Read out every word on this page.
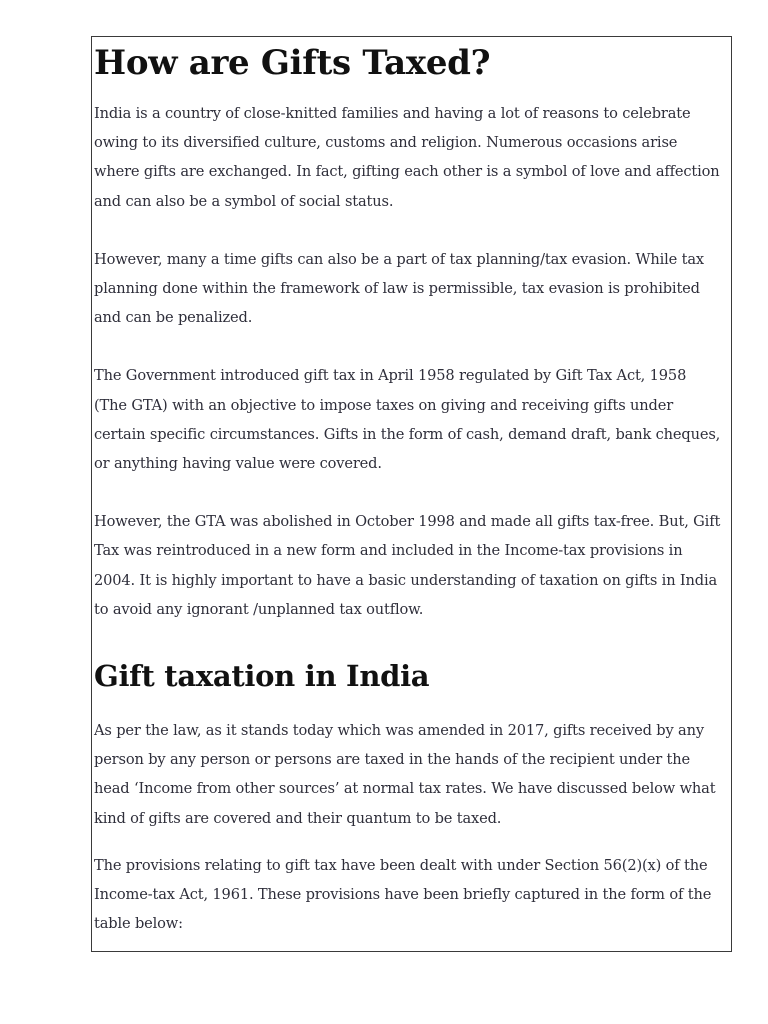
How are Gifts Taxed?

India is a country of close-knitted families and having a lot of reasons to celebrate
owing to its diversified culture, customs and religion. Numerous occasions arise
where gifts are exchanged. In fact, gifting each other is a symbol of love and affection
and can also be a symbol of social status.

However, many a time gifts can also be a part of tax planning/tax evasion. While tax
planning done within the framework of law is permissible, tax evasion is prohibited
and can be penalized.

The Government introduced gift tax in April 1958 regulated by Gift Tax Act, 1958
(The GTA) with an objective to impose taxes on giving and receiving gifts under
certain specific circumstances. Gifts in the form of cash, demand draft, bank cheques,
or anything having value were covered.

However, the GTA was abolished in October 1998 and made all gifts tax-free. But, Gift
Tax was reintroduced in a new form and included in the Income-tax provisions in
2004. It is highly important to have a basic understanding of taxation on gifts in India
to avoid any ignorant /unplanned tax outflow.

Gift taxation in India

As per the law, as it stands today which was amended in 2017, gifts received by any
person by any person or persons are taxed in the hands of the recipient under the
head ‘Income from other sources’ at normal tax rates. We have discussed below what
kind of gifts are covered and their quantum to be taxed.

The provisions relating to gift tax have been dealt with under Section 56(2)(x) of the
Income-tax Act, 1961. These provisions have been briefly captured in the form of the
table below:
